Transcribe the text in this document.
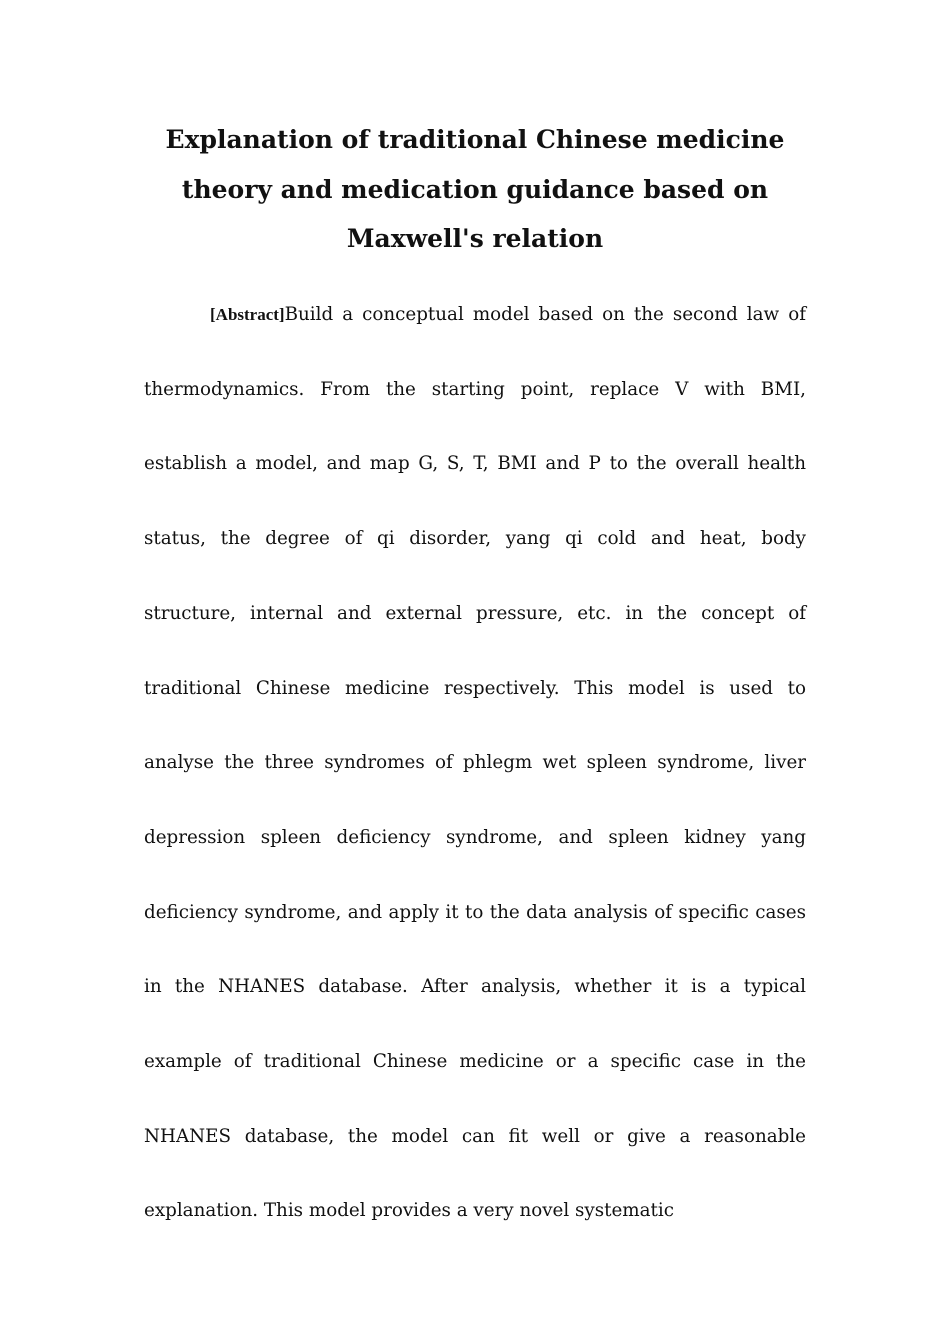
Explanation of traditional Chinese medicine theory and medication guidance based on Maxwell's relation

[Abstract]Build a conceptual model based on the second law of thermodynamics. From the starting point, replace V with BMI, establish a model, and map G, S, T, BMI and P to the overall health status, the degree of qi disorder, yang qi cold and heat, body structure, internal and external pressure, etc. in the concept of traditional Chinese medicine respectively. This model is used to analyse the three syndromes of phlegm wet spleen syndrome, liver depression spleen deficiency syndrome, and spleen kidney yang deficiency syndrome, and apply it to the data analysis of specific cases in the NHANES database. After analysis, whether it is a typical example of traditional Chinese medicine or a specific case in the NHANES database, the model can fit well or give a reasonable explanation. This model provides a very novel systematic
